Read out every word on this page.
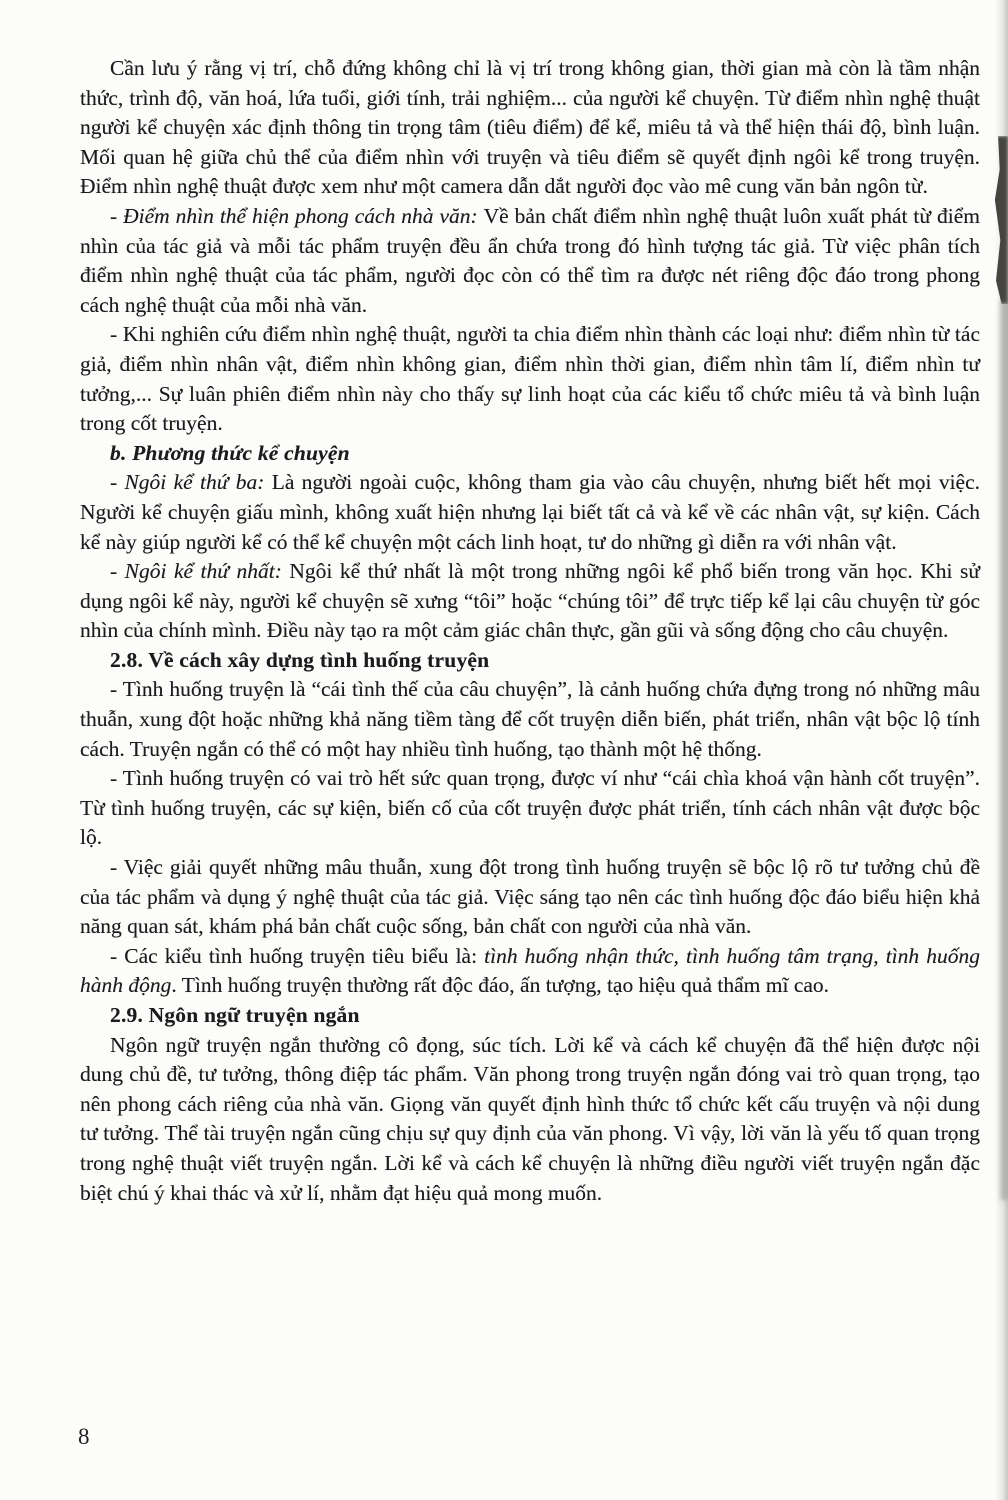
Cần lưu ý rằng vị trí, chỗ đứng không chỉ là vị trí trong không gian, thời gian mà còn là tầm nhận thức, trình độ, văn hoá, lứa tuổi, giới tính, trải nghiệm... của người kể chuyện. Từ điểm nhìn nghệ thuật người kể chuyện xác định thông tin trọng tâm (tiêu điểm) để kể, miêu tả và thể hiện thái độ, bình luận. Mối quan hệ giữa chủ thể của điểm nhìn với truyện và tiêu điểm sẽ quyết định ngôi kể trong truyện. Điểm nhìn nghệ thuật được xem như một camera dẫn dắt người đọc vào mê cung văn bản ngôn từ.

- Điểm nhìn thể hiện phong cách nhà văn: Về bản chất điểm nhìn nghệ thuật luôn xuất phát từ điểm nhìn của tác giả và mỗi tác phẩm truyện đều ẩn chứa trong đó hình tượng tác giả. Từ việc phân tích điểm nhìn nghệ thuật của tác phẩm, người đọc còn có thể tìm ra được nét riêng độc đáo trong phong cách nghệ thuật của mỗi nhà văn.

- Khi nghiên cứu điểm nhìn nghệ thuật, người ta chia điểm nhìn thành các loại như: điểm nhìn từ tác giả, điểm nhìn nhân vật, điểm nhìn không gian, điểm nhìn thời gian, điểm nhìn tâm lí, điểm nhìn tư tưởng,... Sự luân phiên điểm nhìn này cho thấy sự linh hoạt của các kiểu tổ chức miêu tả và bình luận trong cốt truyện.

b. Phương thức kể chuyện

- Ngôi kể thứ ba: Là người ngoài cuộc, không tham gia vào câu chuyện, nhưng biết hết mọi việc. Người kể chuyện giấu mình, không xuất hiện nhưng lại biết tất cả và kể về các nhân vật, sự kiện. Cách kể này giúp người kể có thể kể chuyện một cách linh hoạt, tư do những gì diễn ra với nhân vật.

- Ngôi kể thứ nhất: Ngôi kể thứ nhất là một trong những ngôi kể phổ biến trong văn học. Khi sử dụng ngôi kể này, người kể chuyện sẽ xưng “tôi” hoặc “chúng tôi” để trực tiếp kể lại câu chuyện từ góc nhìn của chính mình. Điều này tạo ra một cảm giác chân thực, gần gũi và sống động cho câu chuyện.

2.8. Về cách xây dựng tình huống truyện

- Tình huống truyện là “cái tình thế của câu chuyện”, là cảnh huống chứa đựng trong nó những mâu thuẫn, xung đột hoặc những khả năng tiềm tàng để cốt truyện diễn biến, phát triển, nhân vật bộc lộ tính cách. Truyện ngắn có thể có một hay nhiều tình huống, tạo thành một hệ thống.

- Tình huống truyện có vai trò hết sức quan trọng, được ví như “cái chìa khoá vận hành cốt truyện”. Từ tình huống truyện, các sự kiện, biến cố của cốt truyện được phát triển, tính cách nhân vật được bộc lộ.

- Việc giải quyết những mâu thuẫn, xung đột trong tình huống truyện sẽ bộc lộ rõ tư tưởng chủ đề của tác phẩm và dụng ý nghệ thuật của tác giả. Việc sáng tạo nên các tình huống độc đáo biểu hiện khả năng quan sát, khám phá bản chất cuộc sống, bản chất con người của nhà văn.

- Các kiểu tình huống truyện tiêu biểu là: tình huống nhận thức, tình huống tâm trạng, tình huống hành động. Tình huống truyện thường rất độc đáo, ấn tượng, tạo hiệu quả thẩm mĩ cao.

2.9. Ngôn ngữ truyện ngắn

Ngôn ngữ truyện ngắn thường cô đọng, súc tích. Lời kể và cách kể chuyện đã thể hiện được nội dung chủ đề, tư tưởng, thông điệp tác phẩm. Văn phong trong truyện ngắn đóng vai trò quan trọng, tạo nên phong cách riêng của nhà văn. Giọng văn quyết định hình thức tổ chức kết cấu truyện và nội dung tư tưởng. Thể tài truyện ngắn cũng chịu sự quy định của văn phong. Vì vậy, lời văn là yếu tố quan trọng trong nghệ thuật viết truyện ngắn. Lời kể và cách kể chuyện là những điều người viết truyện ngắn đặc biệt chú ý khai thác và xử lí, nhằm đạt hiệu quả mong muốn.

8
